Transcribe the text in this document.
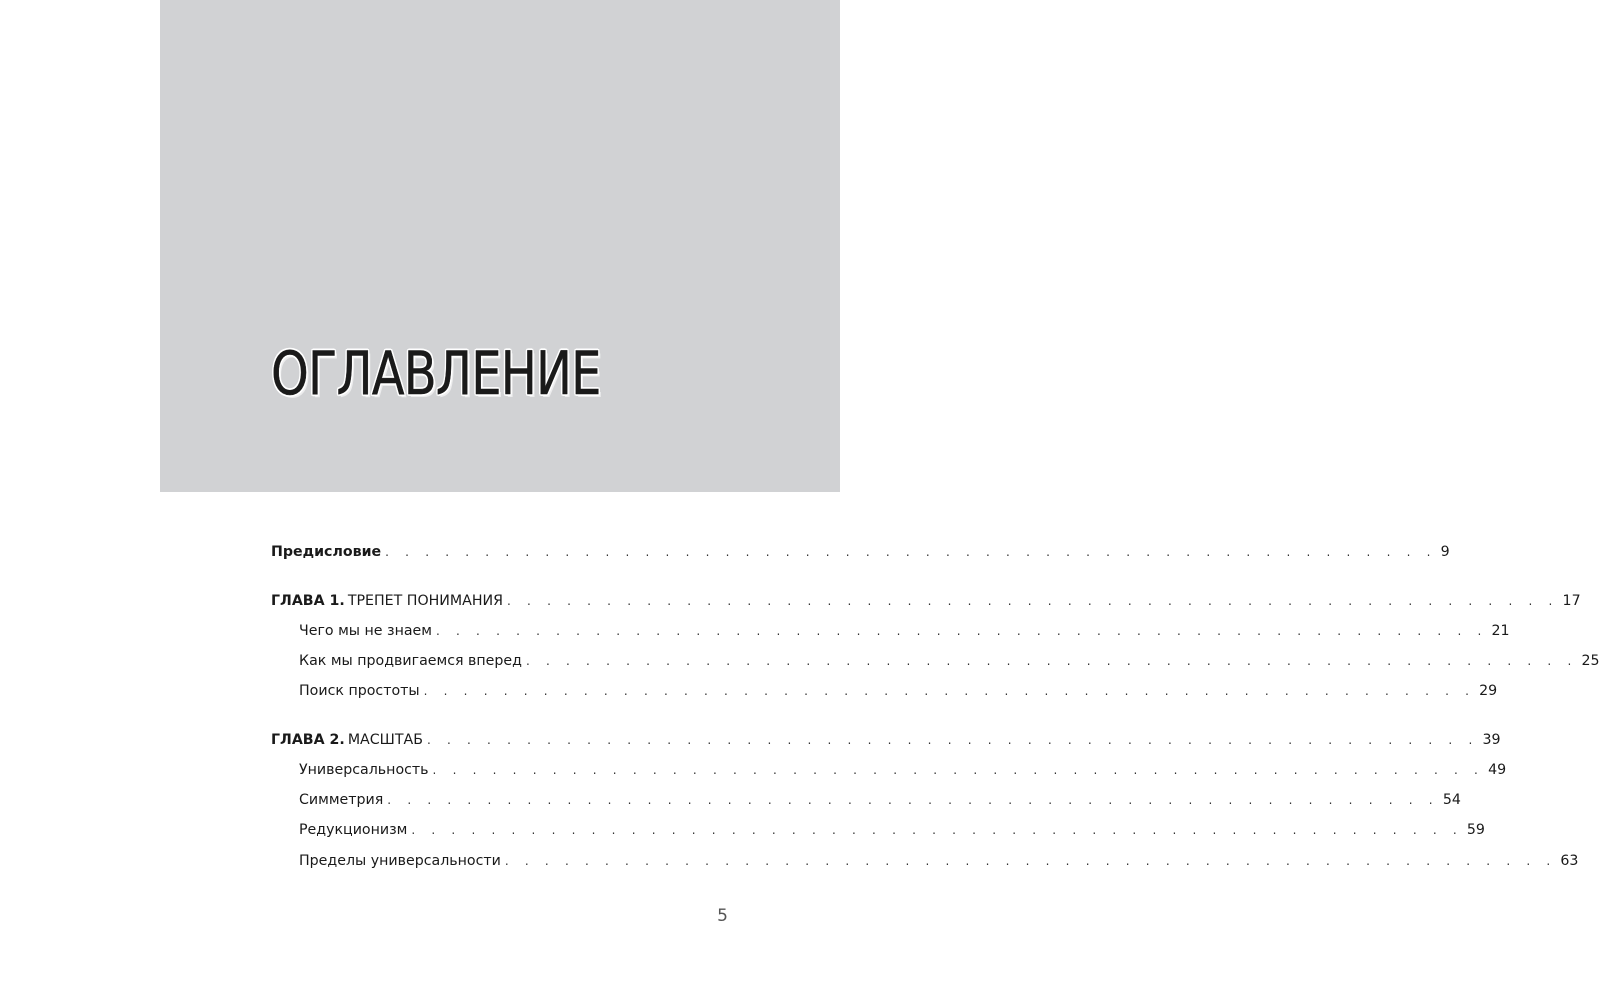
ОГЛАВЛЕНИЕ
Предисловие . . . . . . . . . . . . . . . . . . . . . . . . . . . . . . . . . . . . . . . . . . . . . . . . . . . . . 9
ГЛАВА 1. ТРЕПЕТ ПОНИМАНИЯ . . . . . . . . . . . . . . . . . . . . . . . . . . . . . . . . . . . . . . . . . . . . . . . . . . . . . 17
Чего мы не знаем . . . . . . . . . . . . . . . . . . . . . . . . . . . . . . . . . . . . . . . . . . . . . . . . . . . . . 21
Как мы продвигаемся вперед . . . . . . . . . . . . . . . . . . . . . . . . . . . . . . . . . . . . . . . . . . . . . . . . . . . . . 25
Поиск простоты . . . . . . . . . . . . . . . . . . . . . . . . . . . . . . . . . . . . . . . . . . . . . . . . . . . . . 29
ГЛАВА 2. МАСШТАБ . . . . . . . . . . . . . . . . . . . . . . . . . . . . . . . . . . . . . . . . . . . . . . . . . . . . . 39
Универсальность . . . . . . . . . . . . . . . . . . . . . . . . . . . . . . . . . . . . . . . . . . . . . . . . . . . . . 49
Симметрия . . . . . . . . . . . . . . . . . . . . . . . . . . . . . . . . . . . . . . . . . . . . . . . . . . . . . 54
Редукционизм . . . . . . . . . . . . . . . . . . . . . . . . . . . . . . . . . . . . . . . . . . . . . . . . . . . . . 59
Пределы универсальности . . . . . . . . . . . . . . . . . . . . . . . . . . . . . . . . . . . . . . . . . . . . . . . . . . . . . 63
5
